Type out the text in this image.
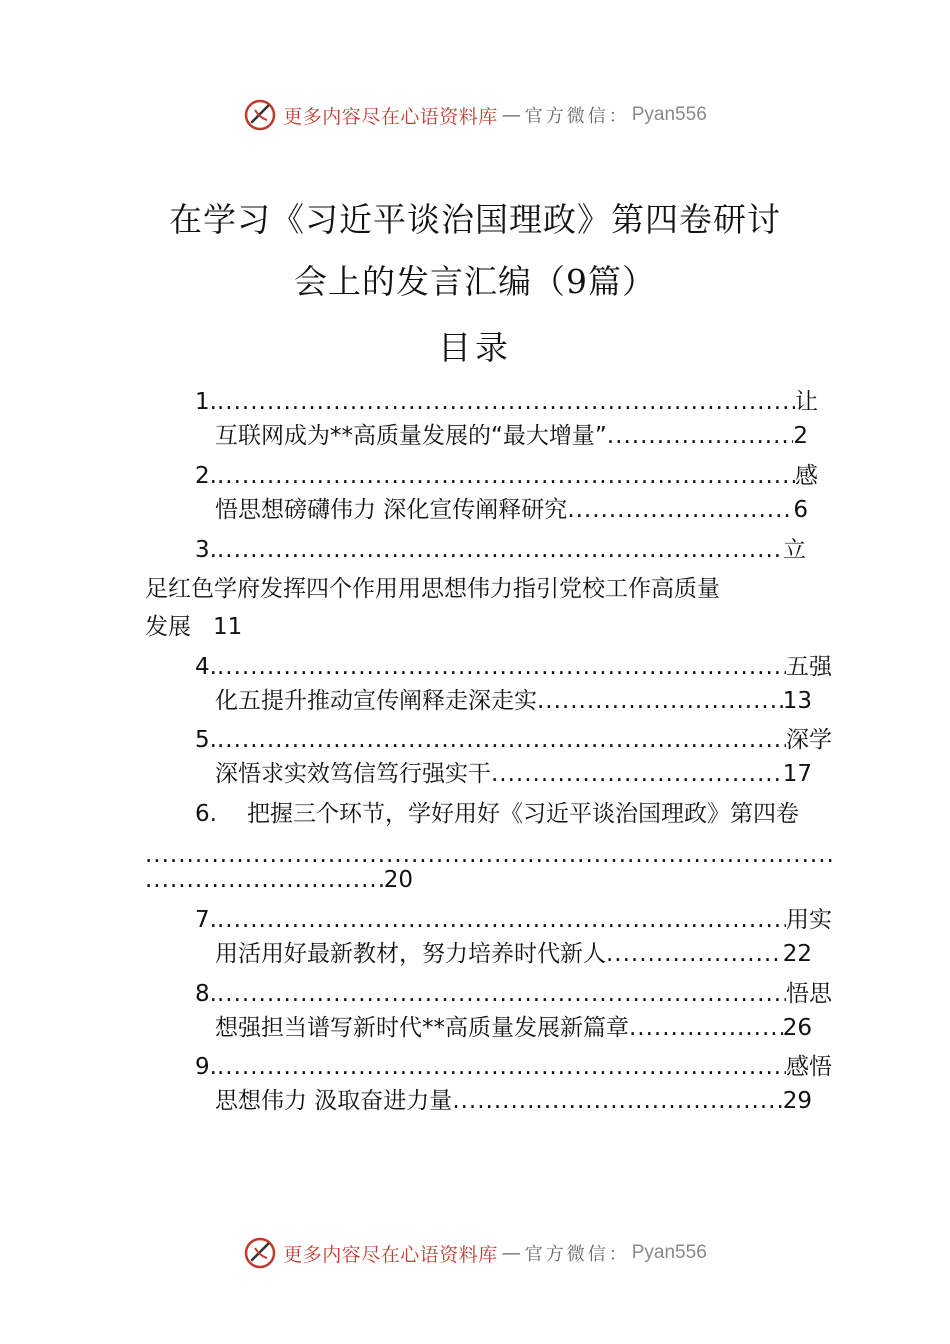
更多内容尽在心语资料库 — 官方微信： Pyan556
在学习《习近平谈治国理政》第四卷研讨
会上的发言汇编（9篇）
目录
1. .....	让
互联网成为**高质量发展的“最大增量” .....	2
2. .....	感
悟思想磅礴伟力 深化宣传阐释研究 .....	6
3. .....	立
足红色学府发挥四个作用用思想伟力指引党校工作高质量
发展 11
4. .....	五强
化五提升推动宣传阐释走深走实 .....	13
5. .....	深学
深悟求实效笃信笃行强实干 .....	17
6. 把握三个环节，学好用好《习近平谈治国理政》第四卷
.....
.....
20
7. .....	用实
用活用好最新教材，努力培养时代新人 .....	22
8. .....	悟思
想强担当谱写新时代**高质量发展新篇章 .....	26
9. .....	感悟
思想伟力 汲取奋进力量 .....	29
更多内容尽在心语资料库 — 官方微信： Pyan556
